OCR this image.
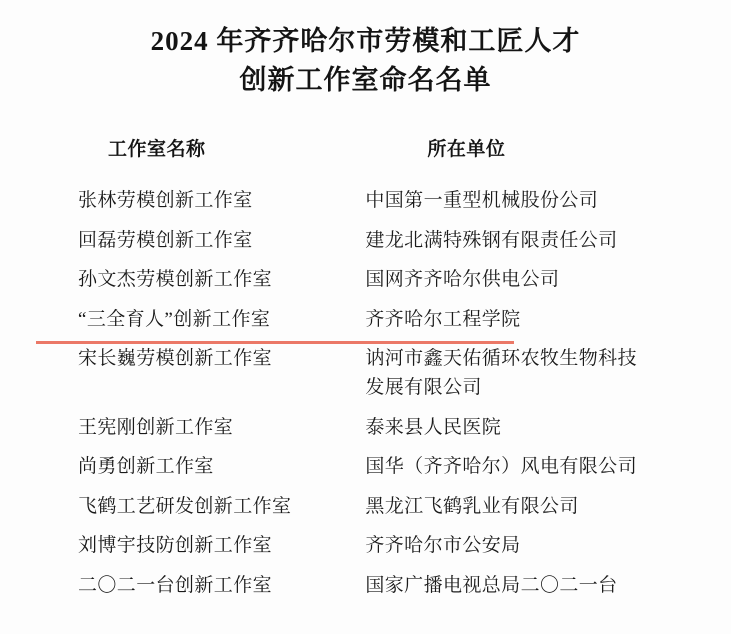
2024 年齐齐哈尔市劳模和工匠人才
创新工作室命名名单
工作室名称	所在单位
张林劳模创新工作室	中国第一重型机械股份公司

回磊劳模创新工作室	建龙北满特殊钢有限责任公司

孙文杰劳模创新工作室	国网齐齐哈尔供电公司

“三全育人”创新工作室	齐齐哈尔工程学院

宋长巍劳模创新工作室	讷河市鑫天佑循环农牧生物科技
发展有限公司

王宪刚创新工作室	泰来县人民医院

尚勇创新工作室	国华（齐齐哈尔）风电有限公司

飞鹤工艺研发创新工作室	黑龙江飞鹤乳业有限公司

刘博宇技防创新工作室	齐齐哈尔市公安局

二〇二一台创新工作室	国家广播电视总局二〇二一台
